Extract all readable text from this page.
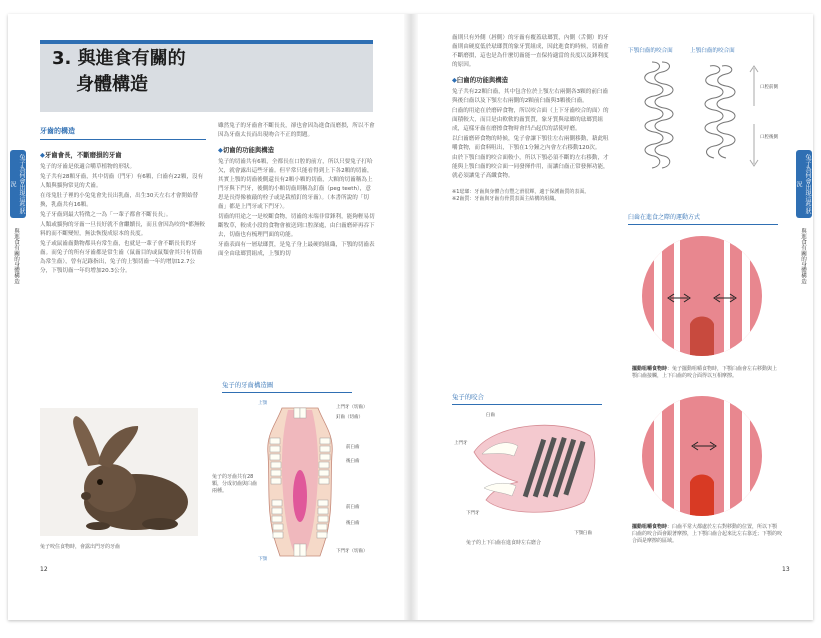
3. 與進食有關的
身體構造
兔子為何會出現這些狀況
與進食有關的身體構造
兔子為何會出現這些狀況
與進食有關的身體構造
牙齒的構造
◆牙齒會長，不斷磨損的牙齒

兔子的牙齒是依適合嚼草植物的形狀。

兔子共有28顆牙齒，其中切齒（門牙）有6顆，臼齒有22顆，沒有人類與貓狗常見的犬齒。

在母兔肚子裡的小兔兔會先長出乳齒，出生30天左右才會開始替換，乳齒共有16顆。

兔子牙齒到最大特徵之一為「一輩子都會不斷長長」。

人類或貓狗的牙齒一旦長好就不會繼續長，而且會因為咬的*都無較料的而不斷變短，無法恢復成原本的長度。

兔子或鼠齒齒動物都具有常生齒，也就是一輩子會不斷長長的牙齒。而兔子的所有牙齒都是常生齒（鼠齒目的或鼠類會其只有切齒為常生齒），曾有記錄指出，兔子的上顎切齒一年約增加12.7公分，下顎切齒一年約增加20.3公分。

雖然兔子的牙齒會不斷長長，卻也會因為進食而磨損，所以不會因為牙齒太長而出現吻合不正的問題。

◆切齒的功能與構造

兔子的切齒共有6顆，全都長在口腔的前方，所以只要兔子打哈欠，就會露出這些牙齒。但平常只能看得到上下各2顆的切齒，其實上顎的切齒後側還長有2顆小顆的切齒，大顆的切齒稱為上門牙與下門牙，後側的小顆切齒則稱為釘齒（peg teeth），意思是長得像被敲的栓子或是栽植釘的牙齒）。（本書所說的「切齒」都是上門牙或下門牙）。

切齒的用途之一是咬斷食物，切齒的末端非常鋒利，能夠輕易切斷牧草，較成小段的食物會被送到口腔深處，由臼齒磨碎再吞下去，切齒也有梳理門面的功能。

牙齒表面有一層琺瑯質，是兔子身上最硬的組織，下顎的切齒表面全由琺瑯質組成，上顎的切

齒則只有外側（唇側）的牙齒有覆蓋琺瑯質，內側（舌側）的牙齒則由硬度低於琺瑯質的象牙質組成，因此進食的時候，切齒會不斷磨損，這也是為什麼切齒能一直保持適當的長度以及鋒利度的原因。

◆臼齒的功能與構造

兔子共有22顆臼齒，其中包含位於上顎左右兩側各3顆的前臼齒與後臼齒以及下顎左右兩側的2顆前臼齒與3顆後臼齒。

臼齒的用途在於磨碎食物，所以咬合面（上下牙齒咬合的面）的面積較大，而目是由軟軟的齒質質，象牙質與琺瑯的琺瑯質組成，這樣牙齒在磨擦食物時會凹凸起伏的話使呼磨。

以臼齒磨碎食物的時候，兔子會讓下顎往左右兩側移動，藉此咀嚼食物，而食料咀出，下顎在1分鐘之內會左右移動120次。

由於下顎臼齒的咬合面較小，所以下顎必須不斷的左右移動，才能與上顎臼齒的咬合面一同發揮作用，而讓臼齒正常發揮功能，就必須讓兔子高纖食物。

※1琺瑯：牙齒與身體合有豐之滑很輝，適于保護齒質的表面。
※2齒質：牙齒與牙齒有骨質表面主結構的組織。
兔子咬住食物時，會露出門牙的牙齒
兔子的牙齒構造圖
上顎
下顎
兔子的牙齒共有28顆，分成切齒與臼齒兩種。
上門牙（切齒）
釘齒（切齒）
前臼齒
後臼齒
前臼齒
後臼齒
下門牙（切齒）
兔子的咬合
臼齒
上門牙
下門牙
下顎臼齒
兔子的上下臼齒在進食時左右磨合
下顎臼齒的咬合面	上顎臼齒的咬合面
口腔前側
口腔後側
臼齒在進食之際的運動方式
擺動咀嚼食物時：兔子擺動咀嚼食物時，下顎臼齒會左右移動與上顎臼齒接觸，上下臼齒的咬合面得以互相摩擦。
擺動咀嚼食物時：臼齒平常大都處於左右對移動的位置，所以下顎臼齒的咬合面會跟著摩擦，上下顎臼齒合起來比左右靠近；下顎的咬合面是摩擦的區域。
12	13
